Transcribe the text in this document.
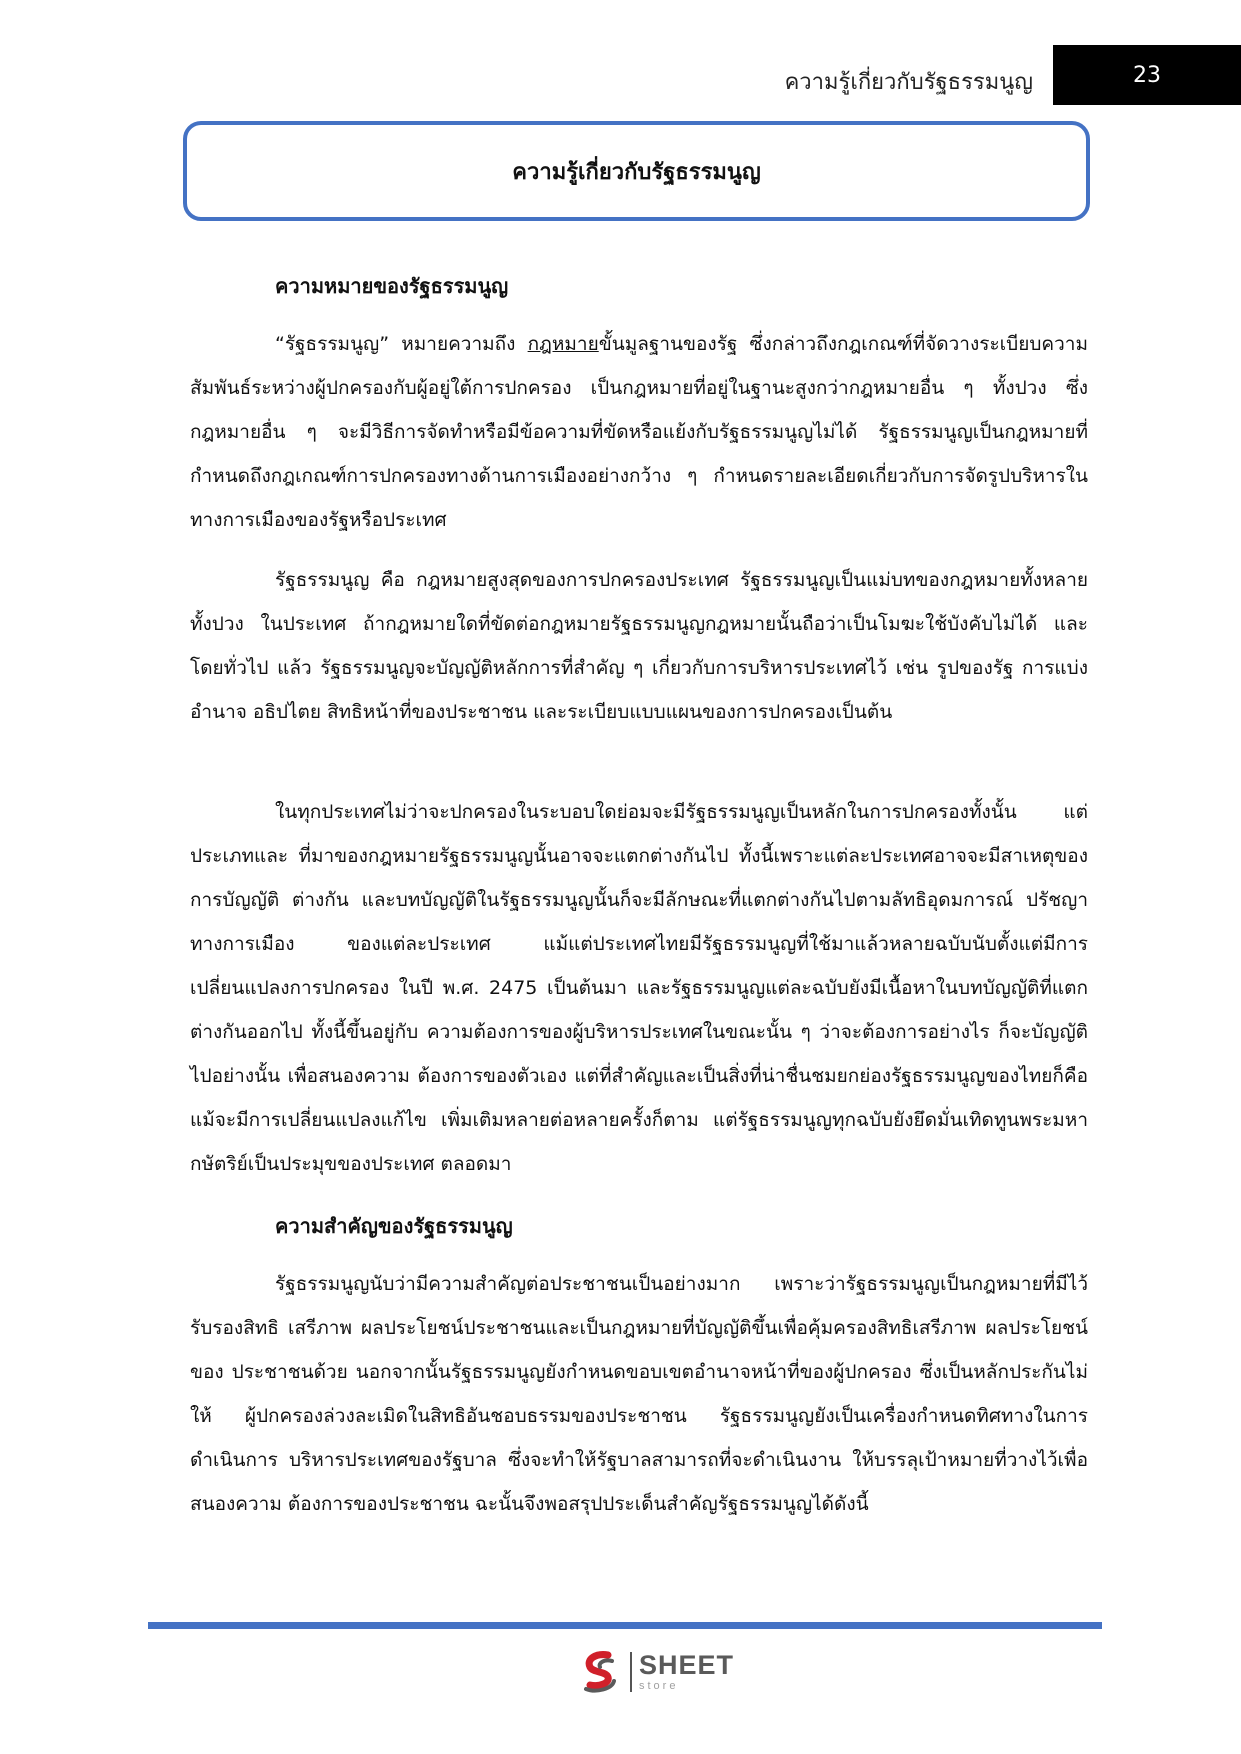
ความรู้เกี่ยวกับรัฐธรรมนูญ	23
ความรู้เกี่ยวกับรัฐธรรมนูญ
ความหมายของรัฐธรรมนูญ

“รัฐธรรมนูญ” หมายความถึง กฎหมายขั้นมูลฐานของรัฐ ซึ่งกล่าวถึงกฎเกณฑ์ที่จัดวางระเบียบความสัมพันธ์ระหว่างผู้ปกครองกับผู้อยู่ใต้การปกครอง เป็นกฎหมายที่อยู่ในฐานะสูงกว่ากฎหมายอื่น ๆ ทั้งปวง ซึ่งกฎหมายอื่น ๆ จะมีวิธีการจัดทำหรือมีข้อความที่ขัดหรือแย้งกับรัฐธรรมนูญไม่ได้ รัฐธรรมนูญเป็นกฎหมายที่กำหนดถึงกฎเกณฑ์การปกครองทางด้านการเมืองอย่างกว้าง ๆ กำหนดรายละเอียดเกี่ยวกับการจัดรูปบริหารในทางการเมืองของรัฐหรือประเทศ

รัฐธรรมนูญ คือ กฎหมายสูงสุดของการปกครองประเทศ รัฐธรรมนูญเป็นแม่บทของกฎหมายทั้งหลายทั้งปวง ในประเทศ ถ้ากฎหมายใดที่ขัดต่อกฎหมายรัฐธรรมนูญกฎหมายนั้นถือว่าเป็นโมฆะใช้บังคับไม่ได้ และโดยทั่วไป แล้ว รัฐธรรมนูญจะบัญญัติหลักการที่สำคัญ ๆ เกี่ยวกับการบริหารประเทศไว้ เช่น รูปของรัฐ การแบ่งอำนาจ อธิปไตย สิทธิหน้าที่ของประชาชน และระเบียบแบบแผนของการปกครองเป็นต้น

ในทุกประเทศไม่ว่าจะปกครองในระบอบใดย่อมจะมีรัฐธรรมนูญเป็นหลักในการปกครองทั้งนั้น แต่ประเภทและ ที่มาของกฎหมายรัฐธรรมนูญนั้นอาจจะแตกต่างกันไป ทั้งนี้เพราะแต่ละประเทศอาจจะมีสาเหตุของการบัญญัติ ต่างกัน และบทบัญญัติในรัฐธรรมนูญนั้นก็จะมีลักษณะที่แตกต่างกันไปตามลัทธิอุดมการณ์ ปรัชญาทางการเมือง ของแต่ละประเทศ แม้แต่ประเทศไทยมีรัฐธรรมนูญที่ใช้มาแล้วหลายฉบับนับตั้งแต่มีการเปลี่ยนแปลงการปกครอง ในปี พ.ศ. 2475 เป็นต้นมา และรัฐธรรมนูญแต่ละฉบับยังมีเนื้อหาในบทบัญญัติที่แตกต่างกันออกไป ทั้งนี้ขึ้นอยู่กับ ความต้องการของผู้บริหารประเทศในขณะนั้น ๆ ว่าจะต้องการอย่างไร ก็จะบัญญัติไปอย่างนั้น เพื่อสนองความ ต้องการของตัวเอง แต่ที่สำคัญและเป็นสิ่งที่น่าชื่นชมยกย่องรัฐธรรมนูญของไทยก็คือ แม้จะมีการเปลี่ยนแปลงแก้ไข เพิ่มเติมหลายต่อหลายครั้งก็ตาม แต่รัฐธรรมนูญทุกฉบับยังยึดมั่นเทิดทูนพระมหากษัตริย์เป็นประมุขของประเทศ ตลอดมา

ความสำคัญของรัฐธรรมนูญ

รัฐธรรมนูญนับว่ามีความสำคัญต่อประชาชนเป็นอย่างมาก เพราะว่ารัฐธรรมนูญเป็นกฎหมายที่มีไว้รับรองสิทธิ เสรีภาพ ผลประโยชน์ประชาชนและเป็นกฎหมายที่บัญญัติขึ้นเพื่อคุ้มครองสิทธิเสรีภาพ ผลประโยชน์ของ ประชาชนด้วย นอกจากนั้นรัฐธรรมนูญยังกำหนดขอบเขตอำนาจหน้าที่ของผู้ปกครอง ซึ่งเป็นหลักประกันไม่ให้ ผู้ปกครองล่วงละเมิดในสิทธิอันชอบธรรมของประชาชน รัฐธรรมนูญยังเป็นเครื่องกำหนดทิศทางในการดำเนินการ บริหารประเทศของรัฐบาล ซึ่งจะทำให้รัฐบาลสามารถที่จะดำเนินงาน ให้บรรลุเป้าหมายที่วางไว้เพื่อสนองความ ต้องการของประชาชน ฉะนั้นจึงพอสรุปประเด็นสำคัญรัฐธรรมนูญได้ดังนี้

SHEET
store
